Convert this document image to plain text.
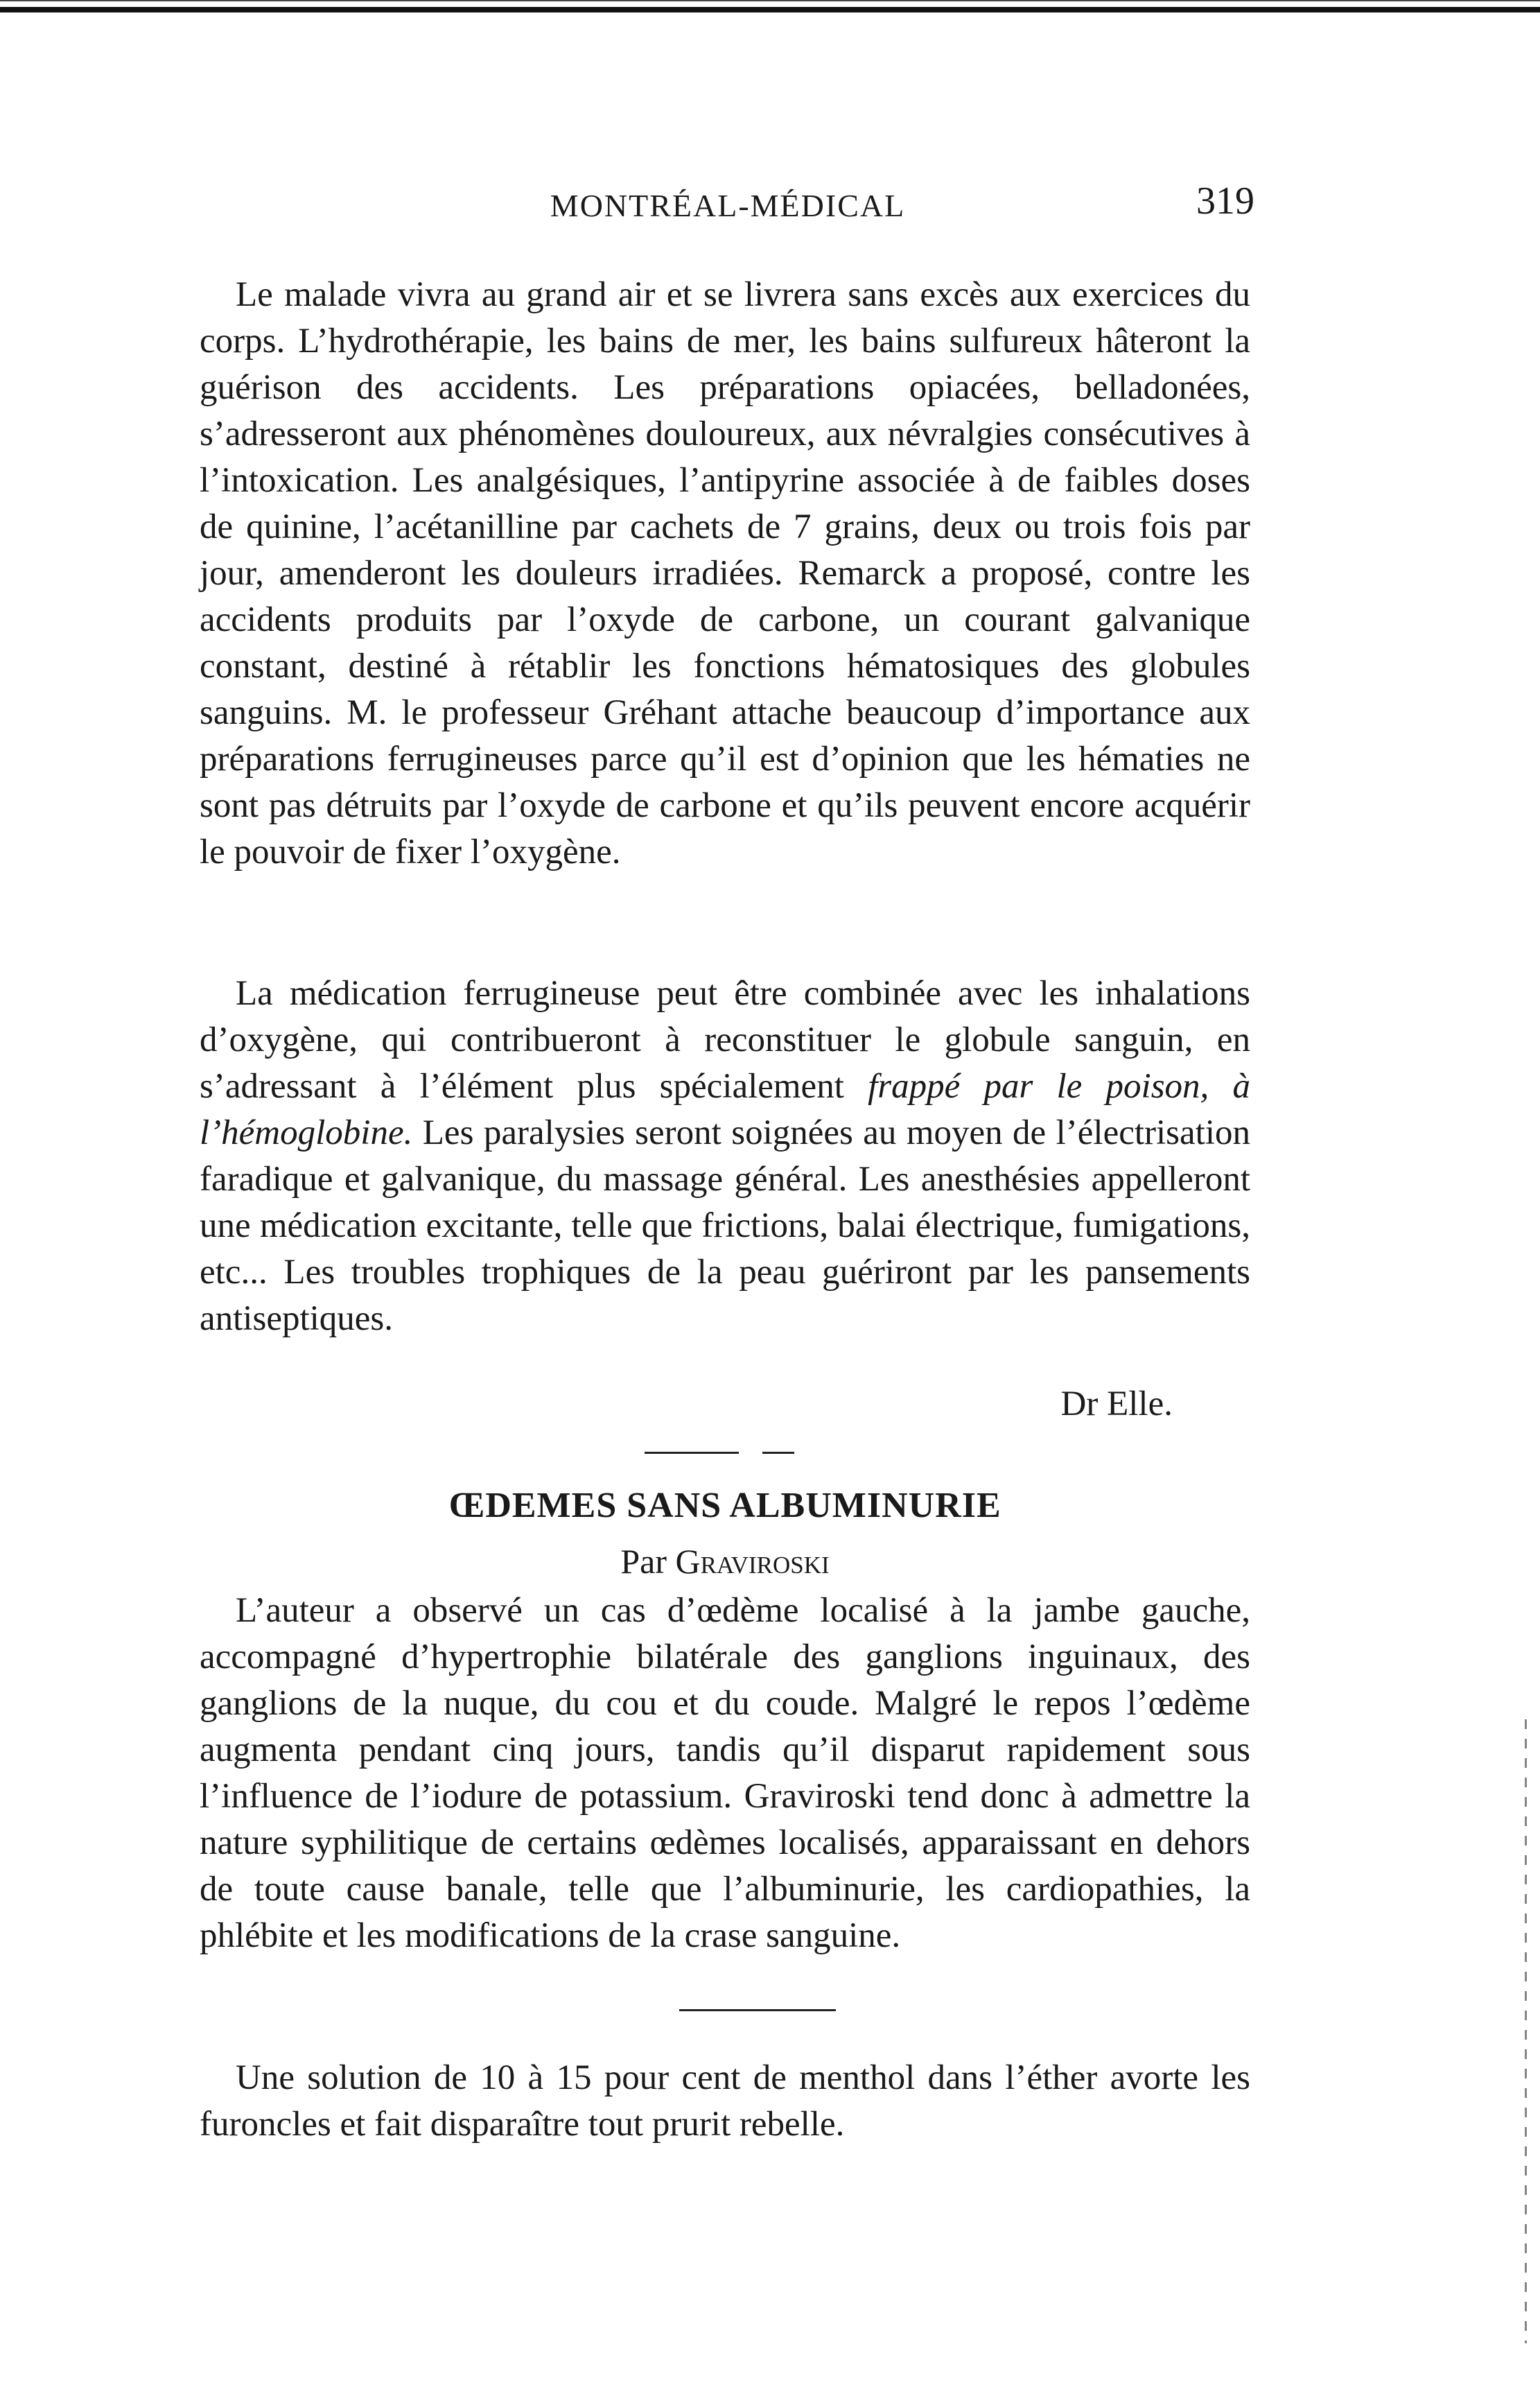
MONTRÉAL-MÉDICAL	319

Le malade vivra au grand air et se livrera sans excès aux exercices du corps. L’hydrothérapie, les bains de mer, les bains sulfureux hâteront la guérison des accidents. Les préparations opiacées, belladonées, s’adresseront aux phénomènes douloureux, aux névralgies consécutives à l’intoxication. Les analgésiques, l’antipyrine associée à de faibles doses de quinine, l’acétanilline par cachets de 7 grains, deux ou trois fois par jour, amenderont les douleurs irradiées. Remarck a proposé, contre les accidents produits par l’oxyde de carbone, un courant galvanique constant, destiné à rétablir les fonctions hématosiques des globules sanguins. M. le professeur Gréhant attache beaucoup d’importance aux préparations ferrugineuses parce qu’il est d’opinion que les hématies ne sont pas détruits par l’oxyde de carbone et qu’ils peuvent encore acquérir le pouvoir de fixer l’oxygène.

La médication ferrugineuse peut être combinée avec les inhalations d’oxygène, qui contribueront à reconstituer le globule sanguin, en s’adressant à l’élément plus spécialement frappé par le poison, à l’hémoglobine. Les paralysies seront soignées au moyen de l’électrisation faradique et galvanique, du massage général. Les anesthésies appelleront une médication excitante, telle que frictions, balai électrique, fumigations, etc... Les troubles trophiques de la peau guériront par les pansements antiseptiques.

Dr Elle.
ŒDEMES SANS ALBUMINURIE
Par Graviroski

L’auteur a observé un cas d’œdème localisé à la jambe gauche, accompagné d’hypertrophie bilatérale des ganglions inguinaux, des ganglions de la nuque, du cou et du coude. Malgré le repos l’œdème augmenta pendant cinq jours, tandis qu’il disparut rapidement sous l’influence de l’iodure de potassium. Graviroski tend donc à admettre la nature syphilitique de certains œdèmes localisés, apparaissant en dehors de toute cause banale, telle que l’albuminurie, les cardiopathies, la phlébite et les modifications de la crase sanguine.

Une solution de 10 à 15 pour cent de menthol dans l’éther avorte les furoncles et fait disparaître tout prurit rebelle.
